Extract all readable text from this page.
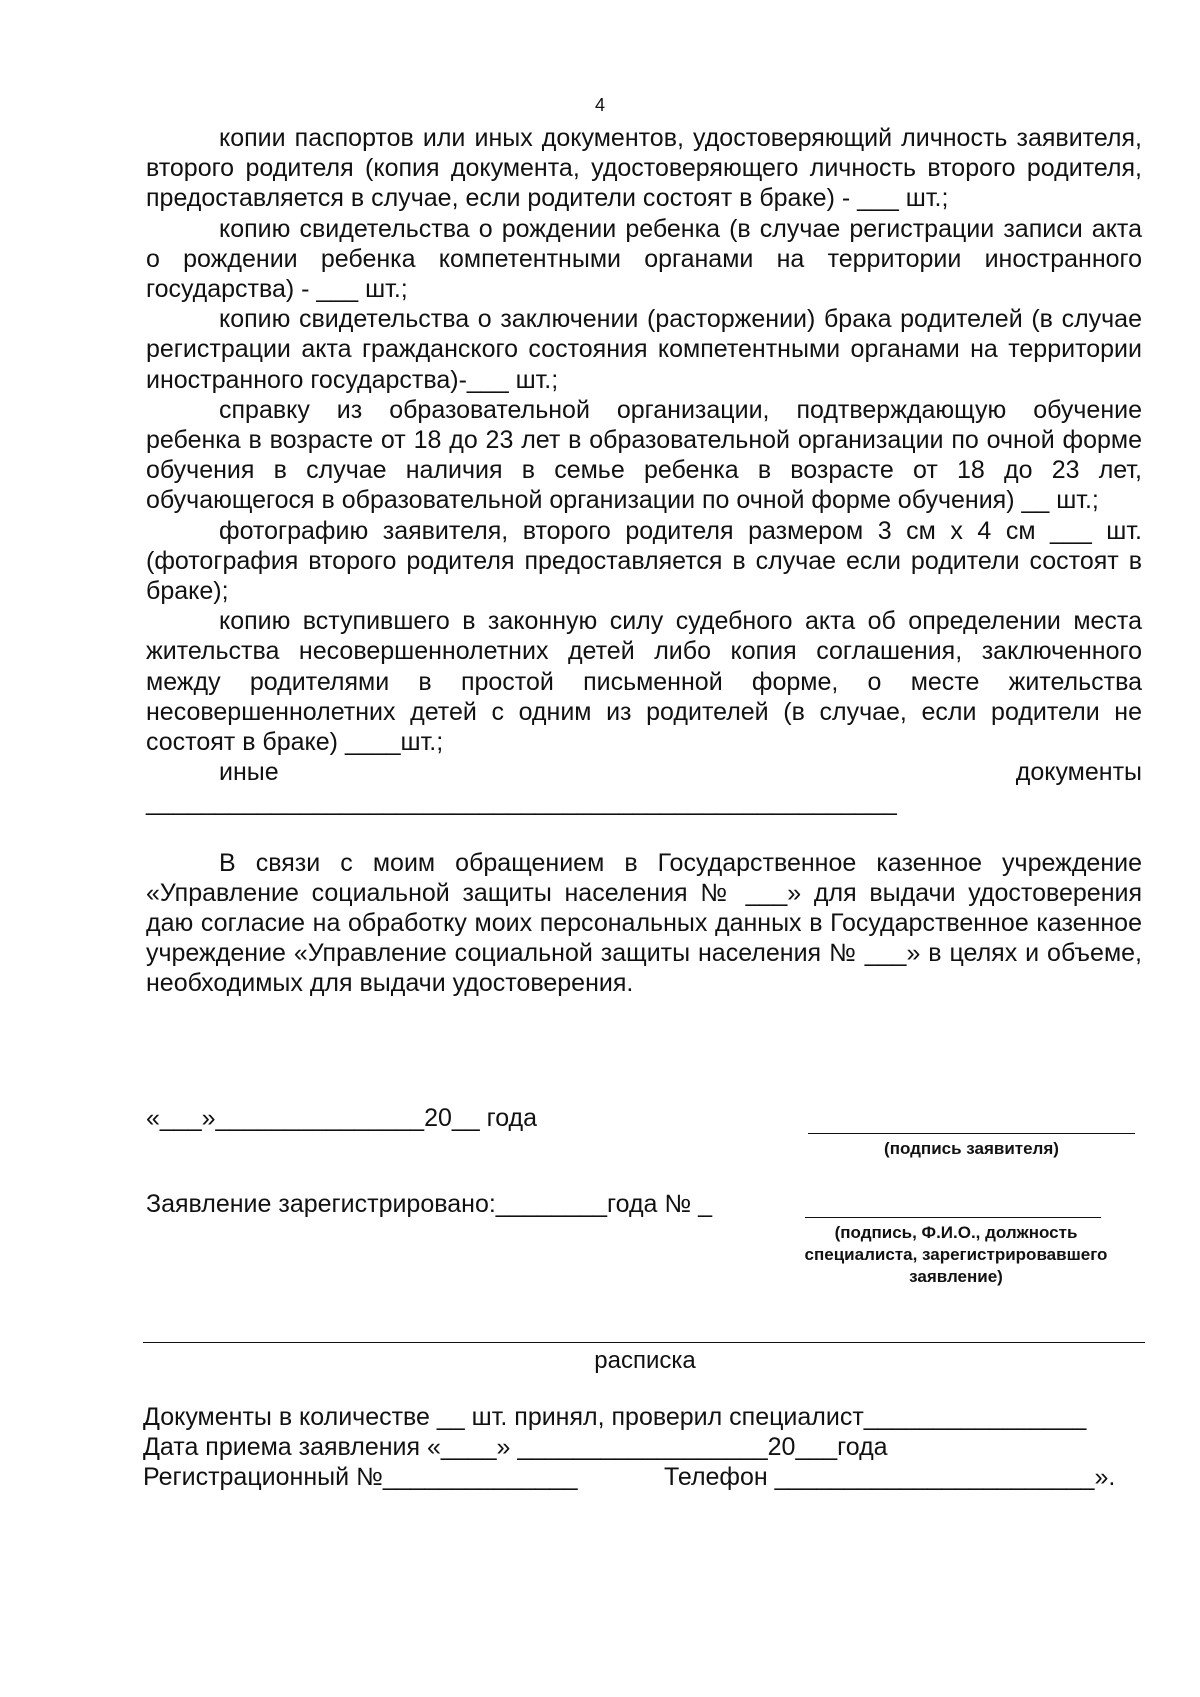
4

копии паспортов или иных документов, удостоверяющий личность заявителя, второго родителя (копия документа, удостоверяющего личность второго родителя, предоставляется в случае, если родители состоят в браке) - ___ шт.;

копию свидетельства о рождении ребенка (в случае регистрации записи акта о рождении ребенка компетентными органами на территории иностранного государства) - ___ шт.;

копию свидетельства о заключении (расторжении) брака родителей (в случае регистрации акта гражданского состояния компетентными органами на территории иностранного государства)-___ шт.;

справку из образовательной организации, подтверждающую обучение ребенка в возрасте от 18 до 23 лет в образовательной организации по очной форме обучения в случае наличия в семье ребенка в возрасте от 18 до 23 лет, обучающегося в образовательной организации по очной форме обучения) __ шт.;

фотографию заявителя, второго родителя размером 3 см х 4 см ___ шт. (фотография второго родителя предоставляется в случае если родители состоят в браке);

копию вступившего в законную силу судебного акта об определении места жительства несовершеннолетних детей либо копия соглашения, заключенного между родителями в простой письменной форме, о месте жительства несовершеннолетних детей с одним из родителей (в случае, если родители не состоят в браке) ____шт.;

иные документы ______________________________________________________

В связи с моим обращением в Государственное казенное учреждение «Управление социальной защиты населения № ___» для выдачи удостоверения даю согласие на обработку моих персональных данных в Государственное казенное учреждение «Управление социальной защиты населения № ___» в целях и объеме, необходимых для выдачи удостоверения.

«___»_______________20__ года
(подпись заявителя)
Заявление зарегистрировано:________года № _
(подпись, Ф.И.О., должность специалиста, зарегистрировавшего заявление)
расписка
Документы в количестве __ шт. принял, проверил специалист________________
Дата приема заявления «____» __________________20___года
Регистрационный №______________	Телефон _______________________».
